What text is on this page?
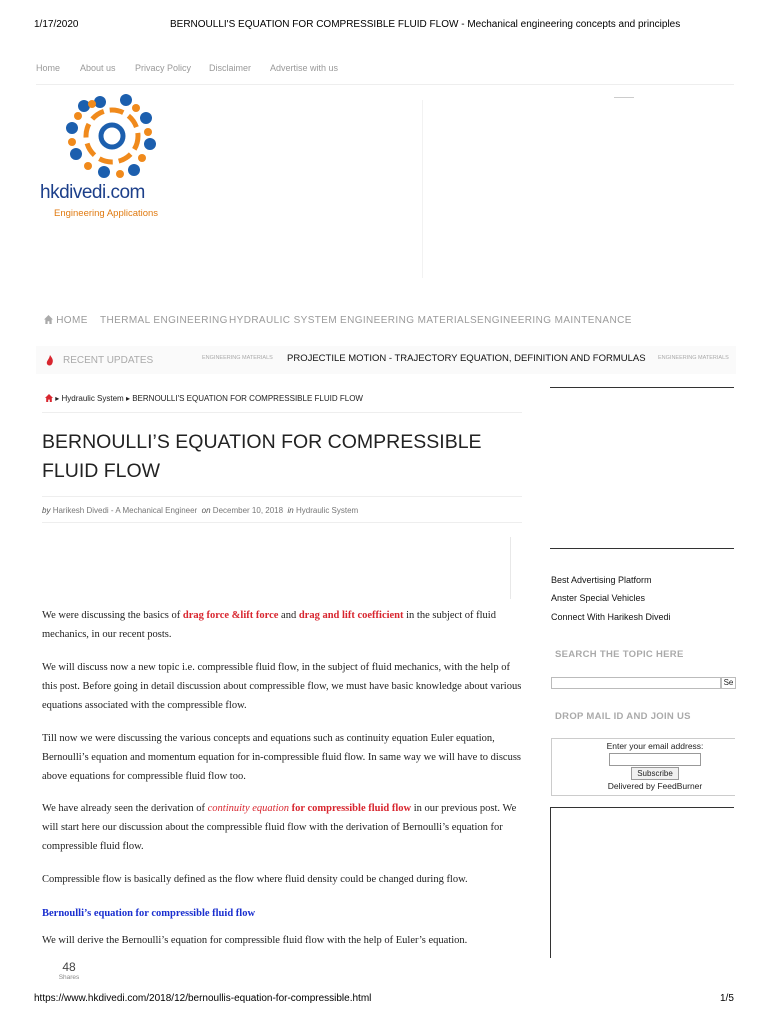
1/17/2020	BERNOULLI'S EQUATION FOR COMPRESSIBLE FLUID FLOW - Mechanical engineering concepts and principles
Home About us Privacy Policy Disclaimer Advertise with us
hkdivedi.com
Engineering Applications
HOME THERMAL ENGINEERING HYDRAULIC SYSTEM ENGINEERING MATERIALS ENGINEERING MAINTENANCE
RECENT UPDATES	ENGINEERING MATERIALS PROJECTILE MOTION - TRAJECTORY EQUATION, DEFINITION AND FORMULAS ENGINEERING MATERIALS
▸ Hydraulic System ▸ BERNOULLI'S EQUATION FOR COMPRESSIBLE FLUID FLOW
BERNOULLI’S EQUATION FOR COMPRESSIBLE FLUID FLOW
by Harikesh Divedi - A Mechanical Engineer on December 10, 2018 in Hydraulic System
We were discussing the basics of drag force &lift force and drag and lift coefficient in the subject of fluid mechanics, in our recent posts.
We will discuss now a new topic i.e. compressible fluid flow, in the subject of fluid mechanics, with the help of this post. Before going in detail discussion about compressible flow, we must have basic knowledge about various equations associated with the compressible flow.
Till now we were discussing the various concepts and equations such as continuity equation Euler equation, Bernoulli’s equation and momentum equation for in-compressible fluid flow. In same way we will have to discuss above equations for compressible fluid flow too.
We have already seen the derivation of continuity equation for compressible fluid flow in our previous post. We will start here our discussion about the compressible fluid flow with the derivation of Bernoulli’s equation for compressible fluid flow.
Compressible flow is basically defined as the flow where fluid density could be changed during flow.
Bernoulli’s equation for compressible fluid flow
We will derive the Bernoulli’s equation for compressible fluid flow with the help of Euler’s equation.
48
Shares
Best Advertising Platform
Anster Special Vehicles
Connect With Harikesh Divedi
SEARCH THE TOPIC HERE
Se
DROP MAIL ID AND JOIN US
Enter your email address:
Subscribe
Delivered by FeedBurner
https://www.hkdivedi.com/2018/12/bernoullis-equation-for-compressible.html	1/5
